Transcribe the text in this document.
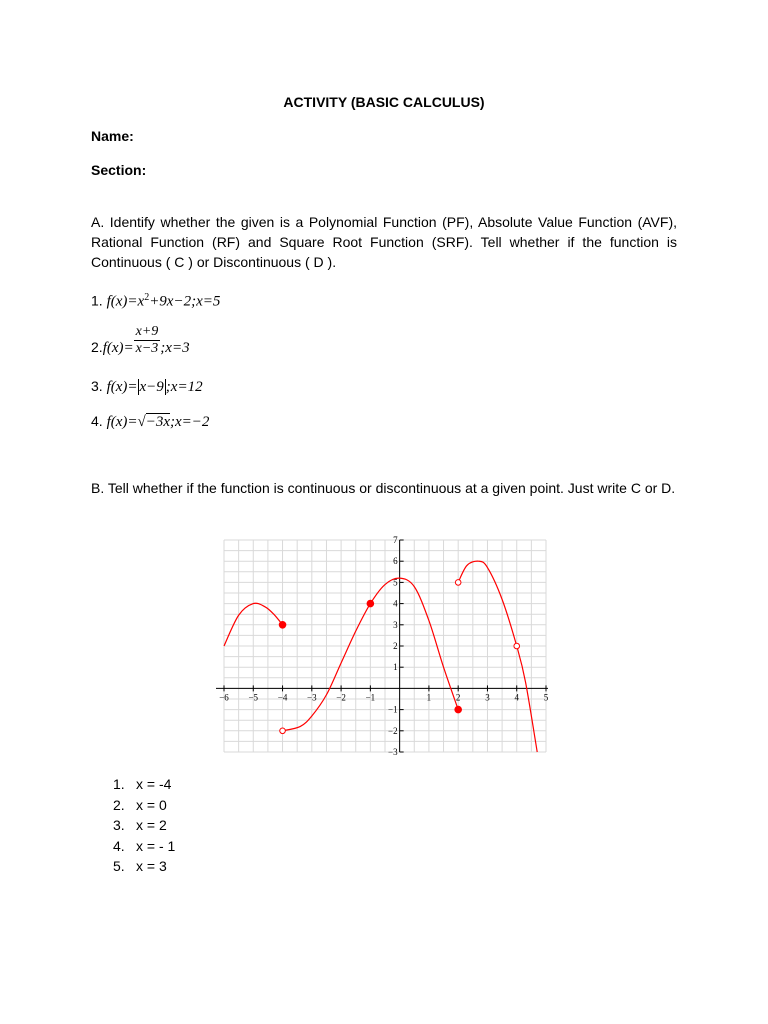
ACTIVITY (BASIC CALCULUS)
Name:
Section:
A. Identify whether the given is a Polynomial Function (PF), Absolute Value Function (AVF), Rational Function (RF) and Square Root Function (SRF). Tell whether if the function is Continuous ( C ) or Discontinuous ( D ).
1. $f(x)=x^2+9x-2;x=5$
$2.f(x)= \frac{x+9}{x-3}$ ;x=3
3. f(x)= x−9 ;x=12
4. f(x)=√−3x;x=−2
B. Tell whether if the function is continuous or discontinuous at a given point. Just write C or D.
−6 −5 −4 −3 −2 −1	1	2	3	4	5
7
6
5
4
3
2
1
−1
−2
−3
1. x = -4
2. x = 0
3. x = 2
4. x = - 1
5. x = 3
